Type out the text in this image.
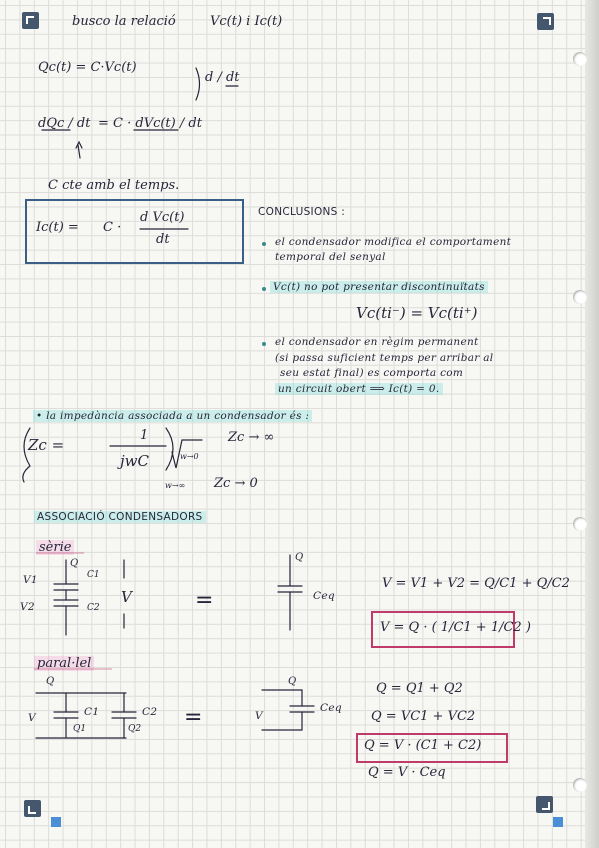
busco la relació	Vc(t) i Ic(t)
Qc(t) = C·Vc(t)
d / dt
dQc / dt = C · dVc(t) / dt
C cte amb el temps.
Ic(t) = C ·
d Vc(t)
dt
CONCLUSIONS :
el condensador modifica el comportament
temporal del senyal
Vc(t) no pot presentar discontinuïtats
Vc(ti⁻) = Vc(ti⁺)
el condensador en règim permanent
(si passa suficient temps per arribar al
seu estat final) es comporta com
un circuit obert ⟹ Ic(t) = 0.
• la impedància associada a un condensador és :
Zc =
1
jwC	w→0
w→∞
Zc → ∞
Zc → 0
ASSOCIACIÓ CONDENSADORS
sèrie
Q
V1
V2
C1
C2
V	=
Q
Ceq
V = V1 + V2 = Q/C1 + Q/C2
V = Q · ( 1/C1 + 1/C2 )
paral·lel
Q
C1	C2
Q1	Q2
V	=
Q
Ceq
V
Q = Q1 + Q2
Q = VC1 + VC2
Q = V · (C1 + C2)
Q = V · Ceq
